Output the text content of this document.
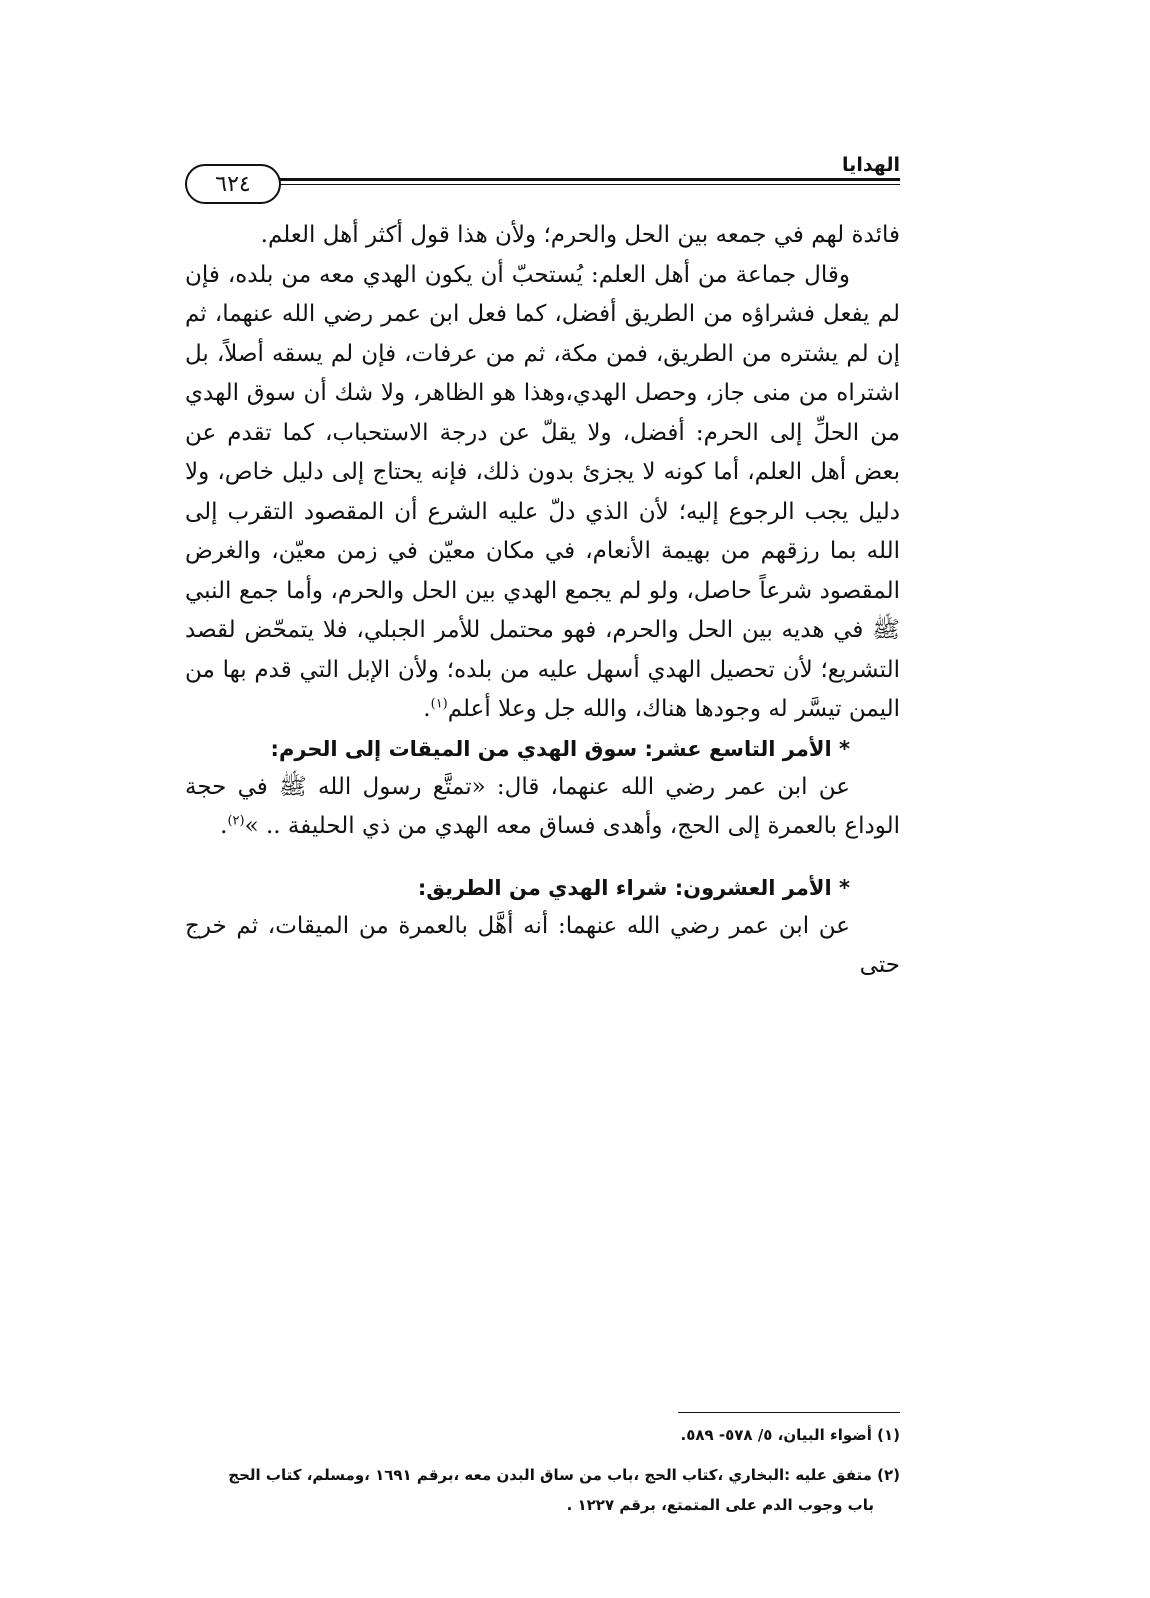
الهدايا
٦٢٤

فائدة لهم في جمعه بين الحل والحرم؛ ولأن هذا قول أكثر أهل العلم.

وقال جماعة من أهل العلم: يُستحبّ أن يكون الهدي معه من بلده، فإن لم يفعل فشراؤه من الطريق أفضل، كما فعل ابن عمر رضي الله عنهما، ثم إن لم يشتره من الطريق، فمن مكة، ثم من عرفات، فإن لم يسقه أصلاً، بل اشتراه من منى جاز، وحصل الهدي،وهذا هو الظاهر، ولا شك أن سوق الهدي من الحلِّ إلى الحرم: أفضل، ولا يقلّ عن درجة الاستحباب، كما تقدم عن بعض أهل العلم، أما كونه لا يجزئ بدون ذلك، فإنه يحتاج إلى دليل خاص، ولا دليل يجب الرجوع إليه؛ لأن الذي دلّ عليه الشرع أن المقصود التقرب إلى الله بما رزقهم من بهيمة الأنعام، في مكان معيّن في زمن معيّن، والغرض المقصود شرعاً حاصل، ولو لم يجمع الهدي بين الحل والحرم، وأما جمع النبي ﷺ في هديه بين الحل والحرم، فهو محتمل للأمر الجبلي، فلا يتمحّض لقصد التشريع؛ لأن تحصيل الهدي أسهل عليه من بلده؛ ولأن الإبل التي قدم بها من اليمن تيسَّر له وجودها هناك، والله جل وعلا أعلم$^{(١)}$.

* الأمر التاسع عشر: سوق الهدي من الميقات إلى الحرم:

عن ابن عمر رضي الله عنهما، قال: «تمتَّع رسول الله ﷺ في حجة الوداع بالعمرة إلى الحج، وأهدى فساق معه الهدي من ذي الحليفة .. »$^{(٢)}$.

* الأمر العشرون: شراء الهدي من الطريق:

عن ابن عمر رضي الله عنهما: أنه أهَّل بالعمرة من الميقات، ثم خرج حتى

(١) أضواء البيان، ٥/ ٥٧٨- ٥٨٩.

(٢) متفق عليه :البخاري ،كتاب الحج ،باب من ساق البدن معه ،برقم ١٦٩١ ،ومسلم، كتاب الحج

باب وجوب الدم على المتمتع، برقم ١٢٢٧ .
